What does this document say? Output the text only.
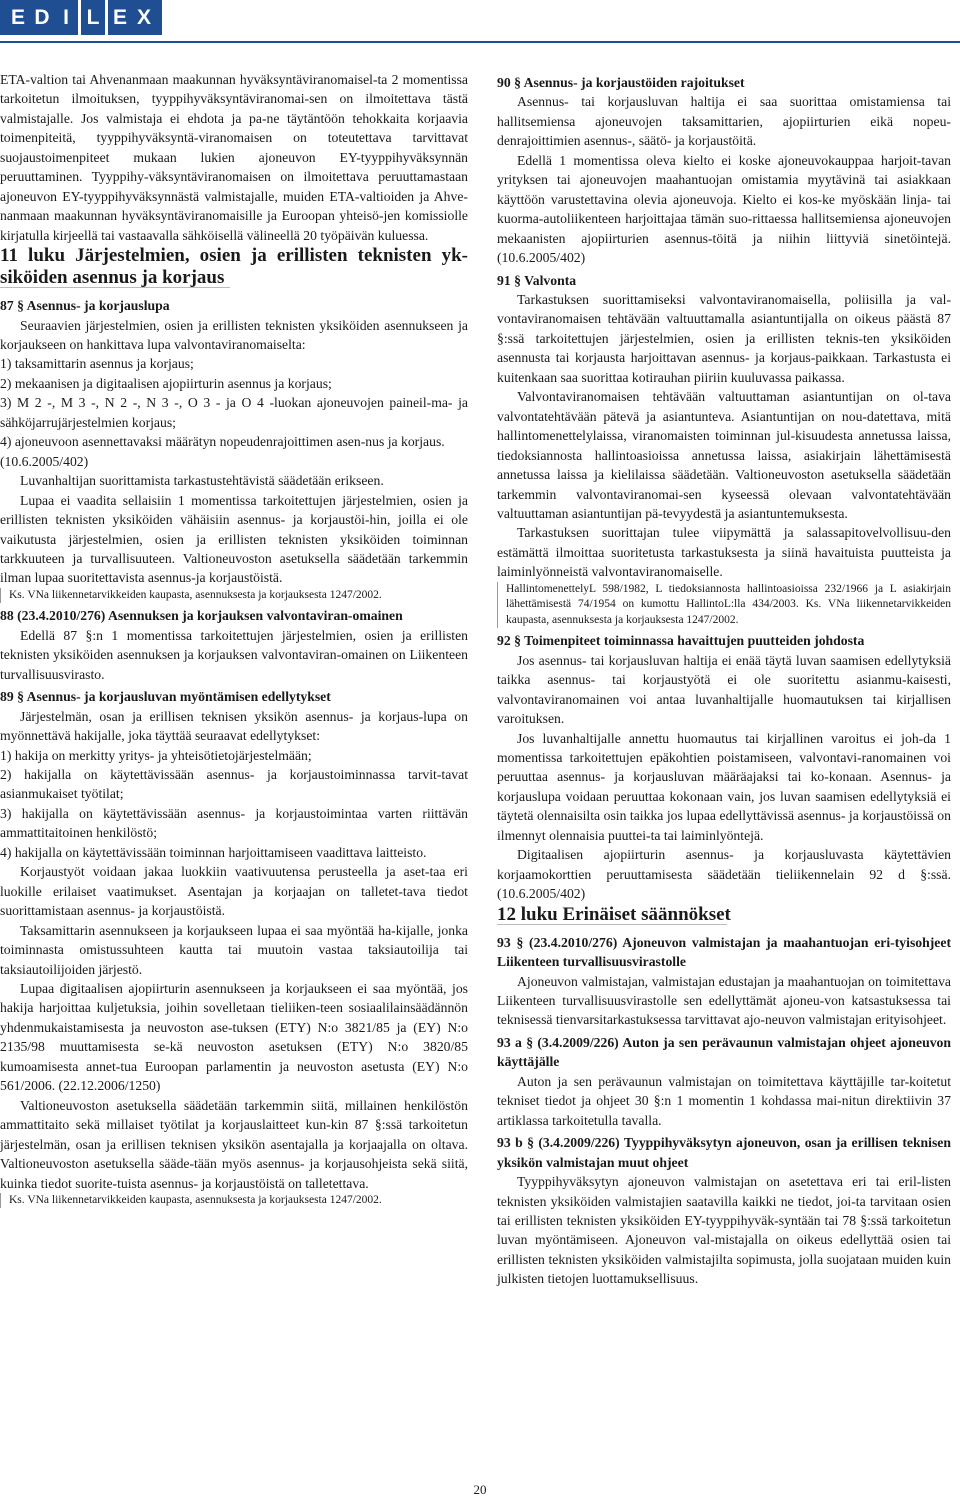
E D I L E X

ETA-valtion tai Ahvenanmaan maakunnan hyväksyntäviranomaisel-ta 2 momentissa tarkoitetun ilmoituksen, tyyppihyväksyntäviranomai-sen on ilmoitettava tästä valmistajalle. Jos valmistaja ei ehdota ja pa-ne täytäntöön tehokkaita korjaavia toimenpiteitä, tyyppihyväksyntä-viranomaisen on toteutettava tarvittavat suojaustoimenpiteet mukaan lukien ajoneuvon EY-tyyppihyväksynnän peruuttaminen. Tyyppihy-väksyntäviranomaisen on ilmoitettava peruuttamastaan ajoneuvon EY-tyyppihyväksynnästä valmistajalle, muiden ETA-valtioiden ja Ahve-nanmaan maakunnan hyväksyntäviranomaisille ja Euroopan yhteisö-jen komissiolle kirjatulla kirjeellä tai vastaavalla sähköisellä välineellä 20 työpäivän kuluessa.

11 luku Järjestelmien, osien ja erillisten teknisten yk-siköiden asennus ja korjaus

87 § Asennus- ja korjauslupa

Seuraavien järjestelmien, osien ja erillisten teknisten yksiköiden asennukseen ja korjaukseen on hankittava lupa valvontaviranomaiselta:

1) taksamittarin asennus ja korjaus;

2) mekaanisen ja digitaalisen ajopiirturin asennus ja korjaus;

3) M 2 -, M 3 -, N 2 -, N 3 -, O 3 - ja O 4 -luokan ajoneuvojen paineil-ma- ja sähköjarrujärjestelmien korjaus;

4) ajoneuvoon asennettavaksi määrätyn nopeudenrajoittimen asen-nus ja korjaus.

(10.6.2005/402)

Luvanhaltijan suorittamista tarkastustehtävistä säädetään erikseen.

Lupaa ei vaadita sellaisiin 1 momentissa tarkoitettujen järjestelmien, osien ja erillisten teknisten yksiköiden vähäisiin asennus- ja korjaustöi-hin, joilla ei ole vaikutusta järjestelmien, osien ja erillisten teknisten yksiköiden toiminnan tarkkuuteen ja turvallisuuteen. Valtioneuvoston asetuksella säädetään tarkemmin ilman lupaa suoritettavista asennus-ja korjaustöistä.

Ks. VNa liikennetarvikkeiden kaupasta, asennuksesta ja korjauksesta 1247/2002.

88 (23.4.2010/276) Asennuksen ja korjauksen valvontaviran-omainen

Edellä 87 §:n 1 momentissa tarkoitettujen järjestelmien, osien ja erillisten teknisten yksiköiden asennuksen ja korjauksen valvontaviran-omainen on Liikenteen turvallisuusvirasto.

89 § Asennus- ja korjausluvan myöntämisen edellytykset

Järjestelmän, osan ja erillisen teknisen yksikön asennus- ja korjaus-lupa on myönnettävä hakijalle, joka täyttää seuraavat edellytykset:

1) hakija on merkitty yritys- ja yhteisötietojärjestelmään;

2) hakijalla on käytettävissään asennus- ja korjaustoiminnassa tarvit-tavat asianmukaiset työtilat;

3) hakijalla on käytettävissään asennus- ja korjaustoimintaa varten riittävän ammattitaitoinen henkilöstö;

4) hakijalla on käytettävissään toiminnan harjoittamiseen vaadittava laitteisto.

Korjaustyöt voidaan jakaa luokkiin vaativuutensa perusteella ja aset-taa eri luokille erilaiset vaatimukset. Asentajan ja korjaajan on talletet-tava tiedot suorittamistaan asennus- ja korjaustöistä.

Taksamittarin asennukseen ja korjaukseen lupaa ei saa myöntää ha-kijalle, jonka toiminnasta omistussuhteen kautta tai muutoin vastaa taksiautoilija tai taksiautoilijoiden järjestö.

Lupaa digitaalisen ajopiirturin asennukseen ja korjaukseen ei saa myöntää, jos hakija harjoittaa kuljetuksia, joihin sovelletaan tieliiken-teen sosiaalilainsäädännön yhdenmukaistamisesta ja neuvoston ase-tuksen (ETY) N:o 3821/85 ja (EY) N:o 2135/98 muuttamisesta se-kä neuvoston asetuksen (ETY) N:o 3820/85 kumoamisesta annet-tua Euroopan parlamentin ja neuvoston asetusta (EY) N:o 561/2006. (22.12.2006/1250)

Valtioneuvoston asetuksella säädetään tarkemmin siitä, millainen henkilöstön ammattitaito sekä millaiset työtilat ja korjauslaitteet kun-kin 87 §:ssä tarkoitetun järjestelmän, osan ja erillisen teknisen yksikön asentajalla ja korjaajalla on oltava. Valtioneuvoston asetuksella sääde-tään myös asennus- ja korjausohjeista sekä siitä, kuinka tiedot suorite-tuista asennus- ja korjaustöistä on talletettava.

Ks. VNa liikennetarvikkeiden kaupasta, asennuksesta ja korjauksesta 1247/2002.

90 § Asennus- ja korjaustöiden rajoitukset

Asennus- tai korjausluvan haltija ei saa suorittaa omistamiensa tai hallitsemiensa ajoneuvojen taksamittarien, ajopiirturien eikä nopeu-denrajoittimien asennus-, säätö- ja korjaustöitä.

Edellä 1 momentissa oleva kielto ei koske ajoneuvokauppaa harjoit-tavan yrityksen tai ajoneuvojen maahantuojan omistamia myytävinä tai asiakkaan käyttöön varustettavina olevia ajoneuvoja. Kielto ei kos-ke myöskään linja- tai kuorma-autoliikenteen harjoittajaa tämän suo-rittaessa hallitsemiensa ajoneuvojen mekaanisten ajopiirturien asennus-töitä ja niihin liittyviä sinetöintejä. (10.6.2005/402)

91 § Valvonta

Tarkastuksen suorittamiseksi valvontaviranomaisella, poliisilla ja val-vontaviranomaisen tehtävään valtuuttamalla asiantuntijalla on oikeus päästä 87 §:ssä tarkoitettujen järjestelmien, osien ja erillisten teknis-ten yksiköiden asennusta tai korjausta harjoittavan asennus- ja korjaus-paikkaan. Tarkastusta ei kuitenkaan saa suorittaa kotirauhan piiriin kuuluvassa paikassa.

Valvontaviranomaisen tehtävään valtuuttaman asiantuntijan on ol-tava valvontatehtävään pätevä ja asiantunteva. Asiantuntijan on nou-datettava, mitä hallintomenettelylaissa, viranomaisten toiminnan jul-kisuudesta annetussa laissa, tiedoksiannosta hallintoasioissa annetussa laissa, asiakirjain lähettämisestä annetussa laissa ja kielilaissa säädetään. Valtioneuvoston asetuksella säädetään tarkemmin valvontaviranomai-sen kyseessä olevaan valvontatehtävään valtuuttaman asiantuntijan pä-tevyydestä ja asiantuntemuksesta.

Tarkastuksen suorittajan tulee viipymättä ja salassapitovelvollisuu-den estämättä ilmoittaa suoritetusta tarkastuksesta ja siinä havaituista puutteista ja laiminlyönneistä valvontaviranomaiselle.

HallintomenettelyL 598/1982, L tiedoksiannosta hallintoasioissa 232/1966 ja L asiakirjain lähettämisestä 74/1954 on kumottu HallintoL:lla 434/2003. Ks. VNa liikennetarvikkeiden kaupasta, asennuksesta ja korjauksesta 1247/2002.

92 § Toimenpiteet toiminnassa havaittujen puutteiden johdosta

Jos asennus- tai korjausluvan haltija ei enää täytä luvan saamisen edellytyksiä taikka asennus- tai korjaustyötä ei ole suoritettu asianmu-kaisesti, valvontaviranomainen voi antaa luvanhaltijalle huomautuksen tai kirjallisen varoituksen.

Jos luvanhaltijalle annettu huomautus tai kirjallinen varoitus ei joh-da 1 momentissa tarkoitettujen epäkohtien poistamiseen, valvontavi-ranomainen voi peruuttaa asennus- ja korjausluvan määräajaksi tai ko-konaan. Asennus- ja korjauslupa voidaan peruuttaa kokonaan vain, jos luvan saamisen edellytyksiä ei täytetä olennaisilta osin taikka jos lupaa edellyttävissä asennus- ja korjaustöissä on ilmennyt olennaisia puuttei-ta tai laiminlyöntejä.

Digitaalisen ajopiirturin asennus- ja korjausluvasta käytettävien korjaamokorttien peruuttamisesta säädetään tieliikennelain 92 d §:ssä. (10.6.2005/402)

12 luku Erinäiset säännökset

93 § (23.4.2010/276) Ajoneuvon valmistajan ja maahantuojan eri-tyisohjeet Liikenteen turvallisuusvirastolle

Ajoneuvon valmistajan, valmistajan edustajan ja maahantuojan on toimitettava Liikenteen turvallisuusvirastolle sen edellyttämät ajoneu-von katsastuksessa tai teknisessä tienvarsitarkastuksessa tarvittavat ajo-neuvon valmistajan erityisohjeet.

93 a § (3.4.2009/226) Auton ja sen perävaunun valmistajan ohjeet ajoneuvon käyttäjälle

Auton ja sen perävaunun valmistajan on toimitettava käyttäjille tar-koitetut tekniset tiedot ja ohjeet 30 §:n 1 momentin 1 kohdassa mai-nitun direktiivin 37 artiklassa tarkoitetulla tavalla.

93 b § (3.4.2009/226) Tyyppihyväksytyn ajoneuvon, osan ja erillisen teknisen yksikön valmistajan muut ohjeet

Tyyppihyväksytyn ajoneuvon valmistajan on asetettava eri tai eril-listen teknisten yksiköiden valmistajien saatavilla kaikki ne tiedot, joi-ta tarvitaan osien tai erillisten teknisten yksiköiden EY-tyyppihyväk-syntään tai 78 §:ssä tarkoitetun luvan myöntämiseen. Ajoneuvon val-mistajalla on oikeus edellyttää osien tai erillisten teknisten yksiköiden valmistajilta sopimusta, jolla suojataan muiden kuin julkisten tietojen luottamuksellisuus.

20
